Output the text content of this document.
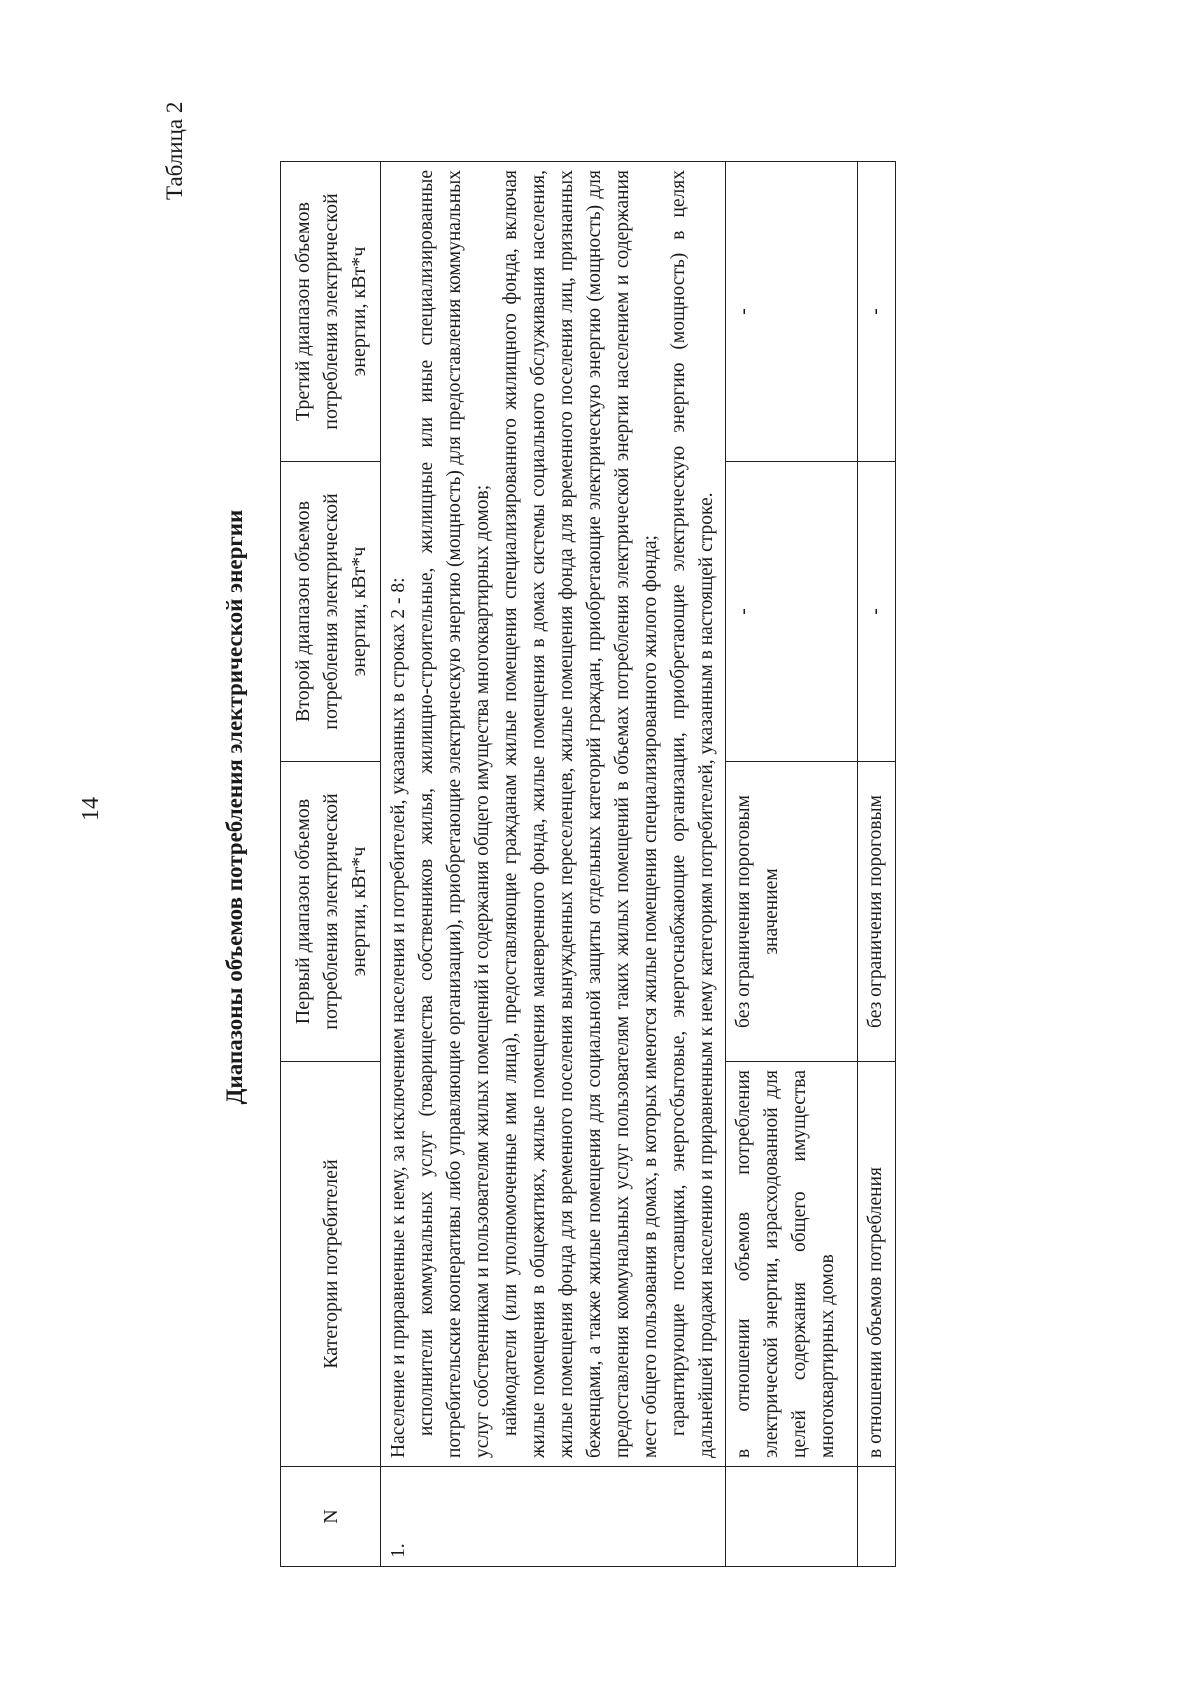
14
Таблица 2
Диапазоны объемов потребления электрической энергии
N	Категории потребителей	Первый диапазон объемов потребления электрической энергии, кВт*ч	Второй диапазон объемов потребления электрической энергии, кВт*ч	Третий диапазон объемов потребления электрической энергии, кВт*ч
1.	Население и приравненные к нему, за исключением населения и потребителей, указанных в строках 2 - 8: исполнители коммунальных услуг (товарищества собственников жилья, жилищно-строительные, жилищные или иные специализированные потребительские кооперативы либо управляющие организации), приобретающие электрическую энергию (мощность) для предоставления коммунальных услуг собственникам и пользователям жилых помещений и содержания общего имущества многоквартирных домов; наймодатели (или уполномоченные ими лица), предоставляющие гражданам жилые помещения специализированного жилищного фонда, включая жилые помещения в общежитиях, жилые помещения маневренного фонда, жилые помещения в домах системы социального обслуживания населения, жилые помещения фонда для временного поселения вынужденных переселенцев, жилые помещения фонда для временного поселения лиц, признанных беженцами, а также жилые помещения для социальной защиты отдельных категорий граждан, приобретающие электрическую энергию (мощность) для предоставления коммунальных услуг пользователям таких жилых помещений в объемах потребления электрической энергии населением и содержания мест общего пользования в домах, в которых имеются жилые помещения специализированного жилого фонда; гарантирующие поставщики, энергосбытовые, энергоснабжающие организации, приобретающие электрическую энергию (мощность) в целях дальнейшей продажи населению и приравненным к нему категориям потребителей, указанным в настоящей строке.			

	в отношении объемов потребления электрической энергии, израсходованной для целей содержания общего имущества многоквартирных домов	без ограничения пороговым значением	-	-
	в отношении объемов потребления	без ограничения пороговым	-	-
